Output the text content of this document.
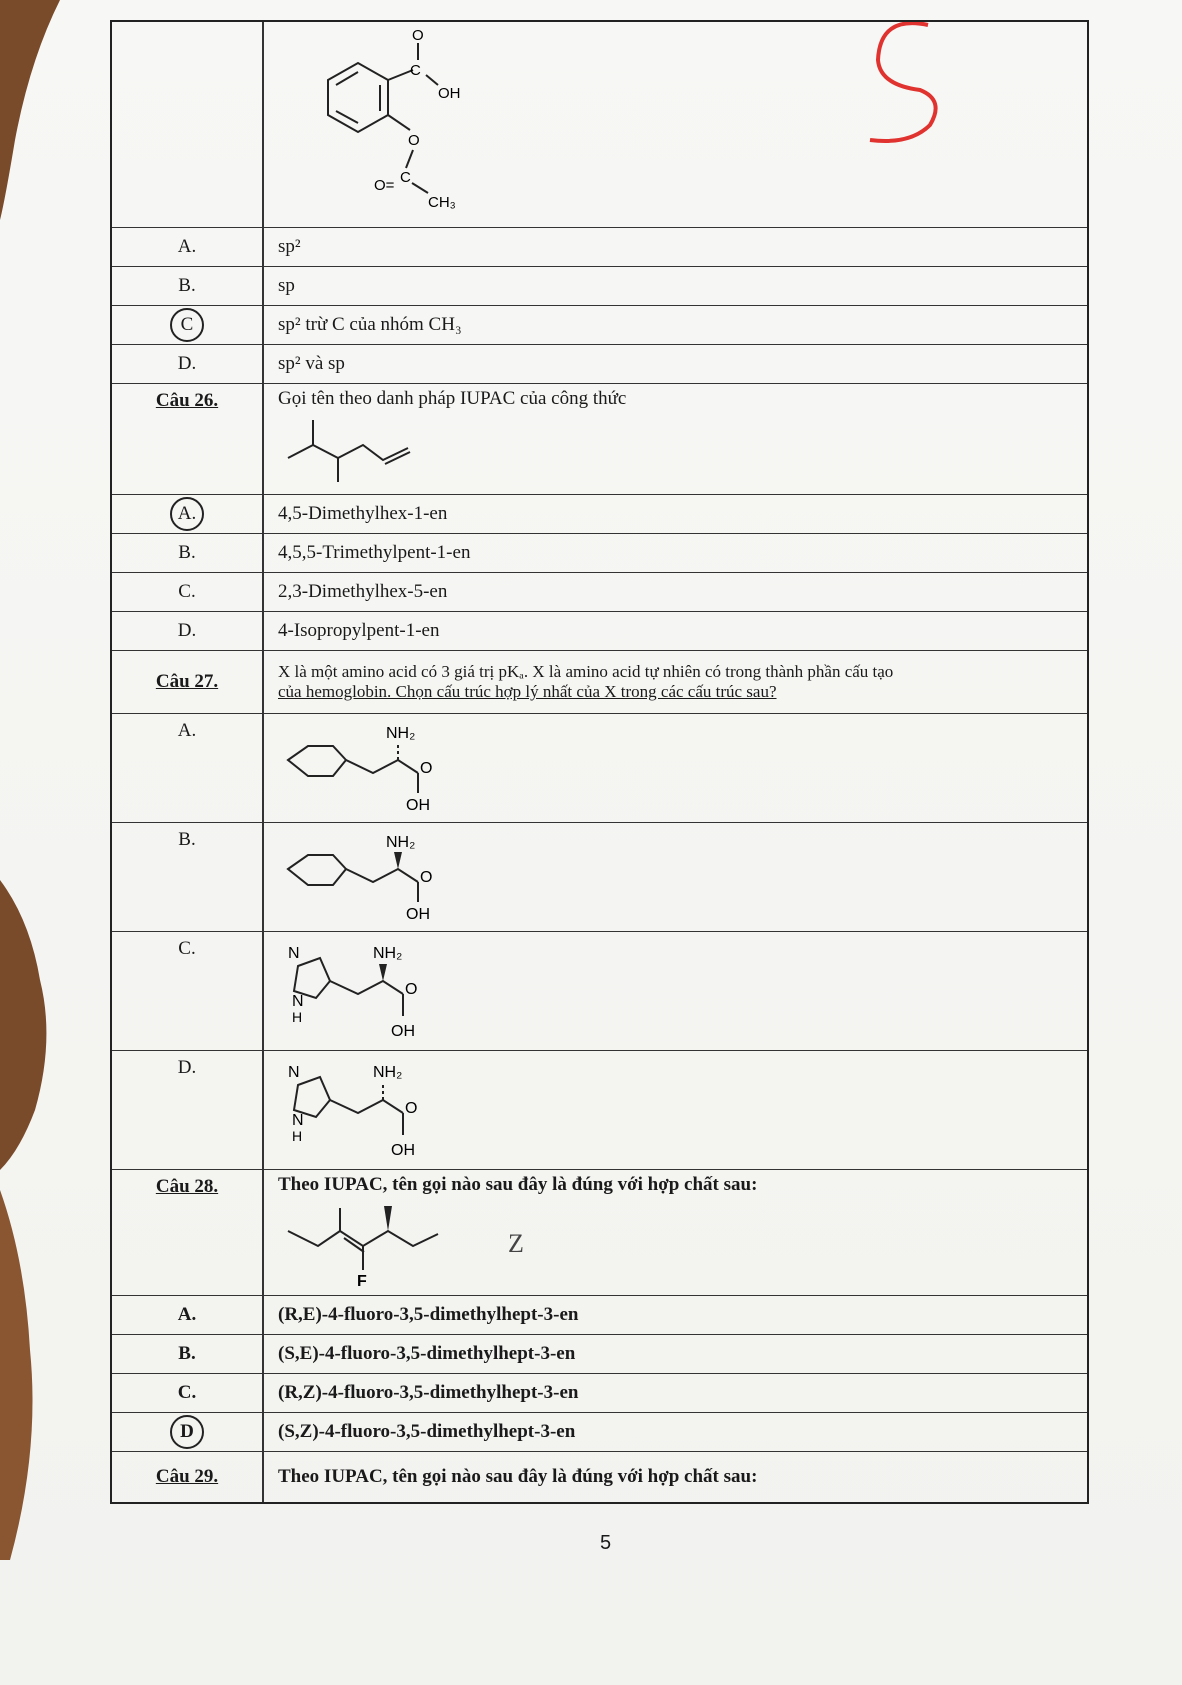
C
O
OH
O
C
O=
CH₃
A.	sp²
B.	sp
C	sp² trừ C của nhóm CH₃
D.	sp² và sp
Câu 26.	Gọi tên theo danh pháp IUPAC của công thức
A.	4,5-Dimethylhex-1-en
B.	4,5,5-Trimethylpent-1-en
C.	2,3-Dimethylhex-5-en
D.	4-Isopropylpent-1-en
Câu 27.	X là một amino acid có 3 giá trị pKₐ. X là amino acid tự nhiên có trong thành phần cấu tạo
của hemoglobin. Chọn cấu trúc hợp lý nhất của X trong các cấu trúc sau?
A.	NH₂
O
OH
B.	NH₂
O
OH
C.	N
N
H
NH₂
O
OH
D.	N
N
H
NH₂
O
OH
Câu 28.	Theo IUPAC, tên gọi nào sau đây là đúng với hợp chất sau:
F
Z
A.	(R,E)-4-fluoro-3,5-dimethylhept-3-en
B.	(S,E)-4-fluoro-3,5-dimethylhept-3-en
C.	(R,Z)-4-fluoro-3,5-dimethylhept-3-en
D	(S,Z)-4-fluoro-3,5-dimethylhept-3-en
Câu 29.	Theo IUPAC, tên gọi nào sau đây là đúng với hợp chất sau:
5
